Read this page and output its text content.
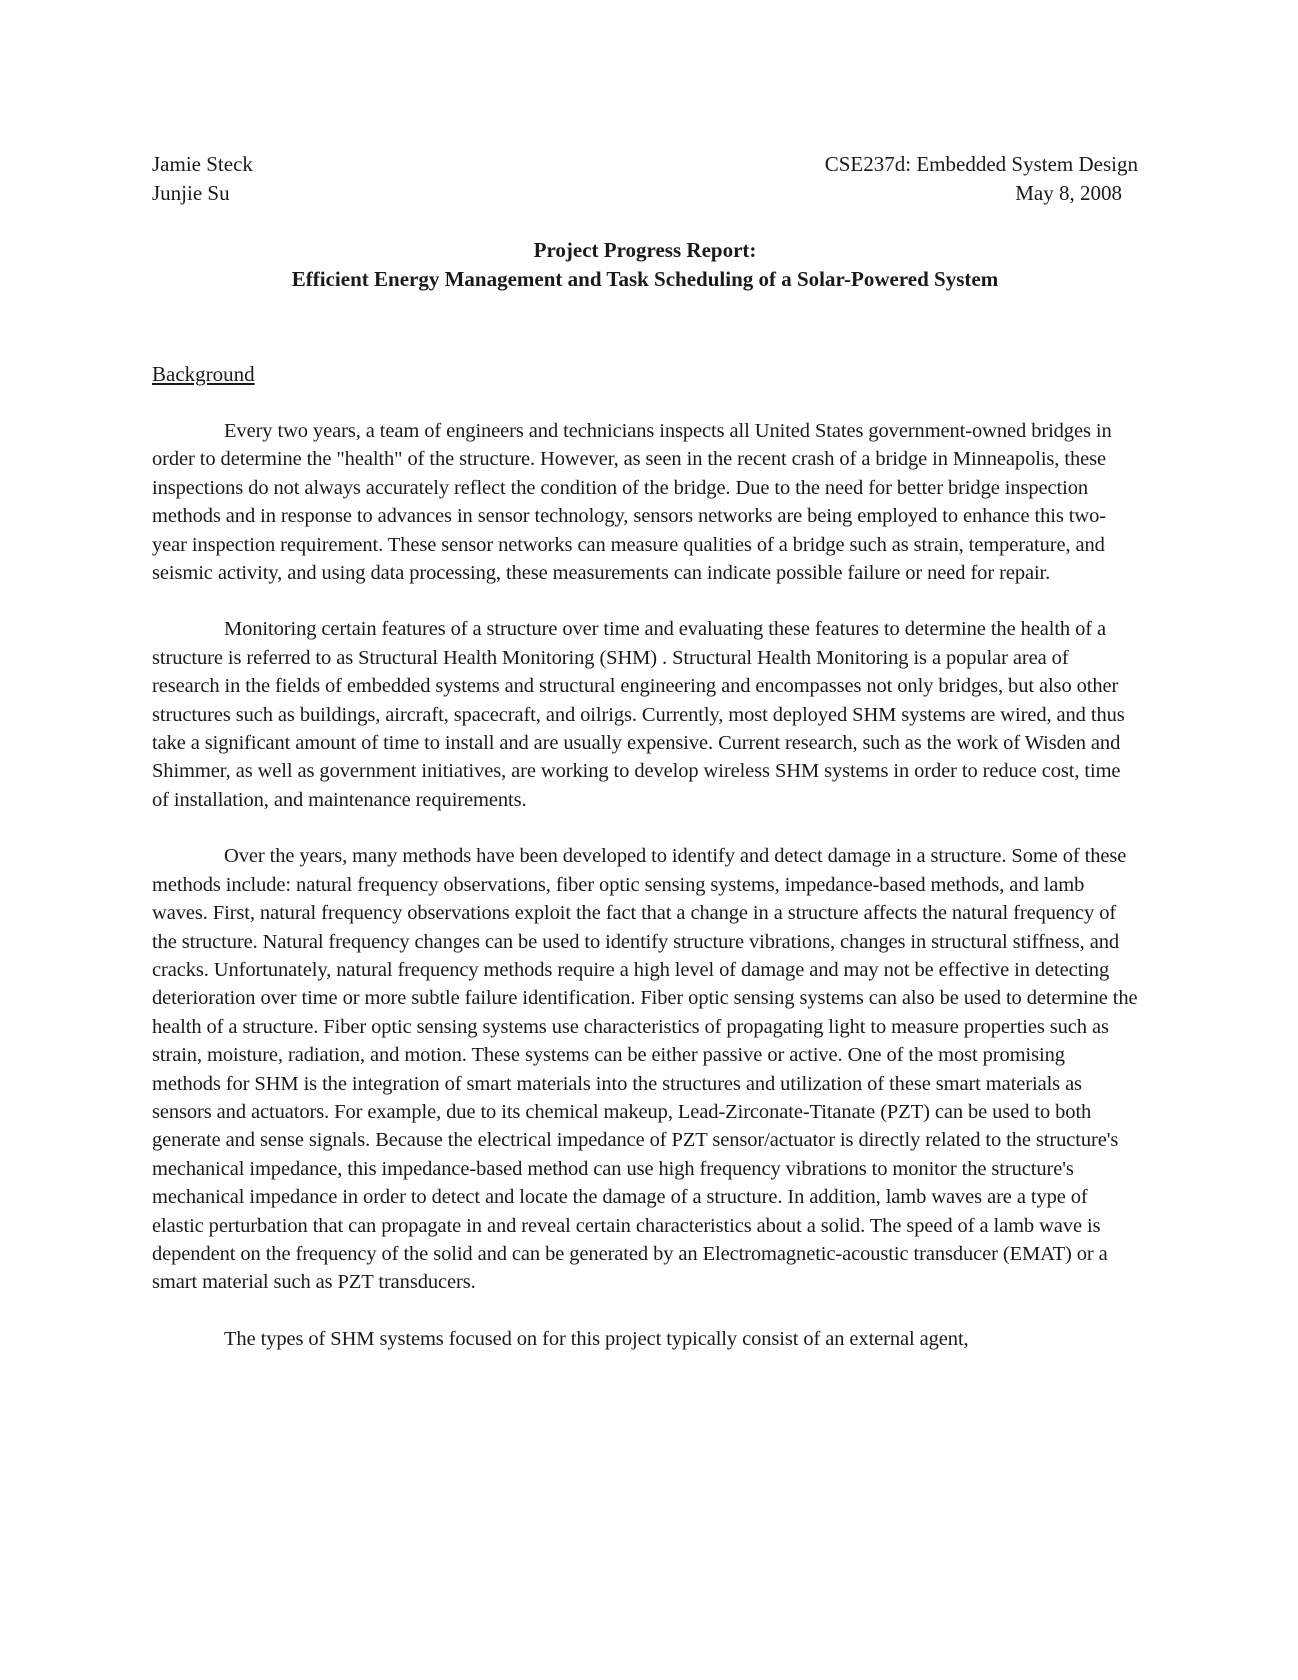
Jamie Steck
Junjie Su
CSE237d: Embedded System Design
May 8, 2008
Project Progress Report:
Efficient Energy Management and Task Scheduling of a Solar-Powered System
Background

Every two years, a team of engineers and technicians inspects all United States government-owned bridges in order to determine the "health" of the structure. However, as seen in the recent crash of a bridge in Minneapolis, these inspections do not always accurately reflect the condition of the bridge. Due to the need for better bridge inspection methods and in response to advances in sensor technology, sensors networks are being employed to enhance this two-year inspection requirement. These sensor networks can measure qualities of a bridge such as strain, temperature, and seismic activity, and using data processing, these measurements can indicate possible failure or need for repair.

Monitoring certain features of a structure over time and evaluating these features to determine the health of a structure is referred to as Structural Health Monitoring (SHM) . Structural Health Monitoring is a popular area of research in the fields of embedded systems and structural engineering and encompasses not only bridges, but also other structures such as buildings, aircraft, spacecraft, and oilrigs. Currently, most deployed SHM systems are wired, and thus take a significant amount of time to install and are usually expensive. Current research, such as the work of Wisden and Shimmer, as well as government initiatives, are working to develop wireless SHM systems in order to reduce cost, time of installation, and maintenance requirements.

Over the years, many methods have been developed to identify and detect damage in a structure. Some of these methods include: natural frequency observations, fiber optic sensing systems, impedance-based methods, and lamb waves. First, natural frequency observations exploit the fact that a change in a structure affects the natural frequency of the structure. Natural frequency changes can be used to identify structure vibrations, changes in structural stiffness, and cracks. Unfortunately, natural frequency methods require a high level of damage and may not be effective in detecting deterioration over time or more subtle failure identification. Fiber optic sensing systems can also be used to determine the health of a structure. Fiber optic sensing systems use characteristics of propagating light to measure properties such as strain, moisture, radiation, and motion. These systems can be either passive or active. One of the most promising methods for SHM is the integration of smart materials into the structures and utilization of these smart materials as sensors and actuators. For example, due to its chemical makeup, Lead-Zirconate-Titanate (PZT) can be used to both generate and sense signals. Because the electrical impedance of PZT sensor/actuator is directly related to the structure's mechanical impedance, this impedance-based method can use high frequency vibrations to monitor the structure's mechanical impedance in order to detect and locate the damage of a structure. In addition, lamb waves are a type of elastic perturbation that can propagate in and reveal certain characteristics about a solid. The speed of a lamb wave is dependent on the frequency of the solid and can be generated by an Electromagnetic-acoustic transducer (EMAT) or a smart material such as PZT transducers.

The types of SHM systems focused on for this project typically consist of an external agent,
